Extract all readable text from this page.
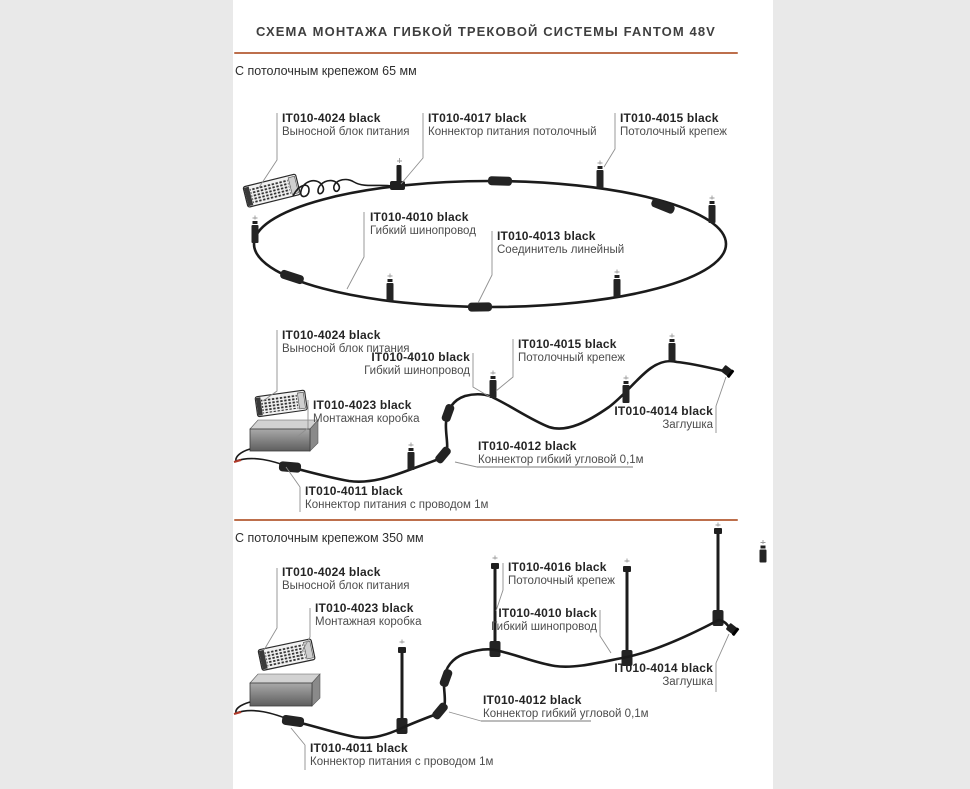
СХЕМА МОНТАЖА ГИБКОЙ ТРЕКОВОЙ СИСТЕМЫ FANTOM 48V
С потолочным крепежом 65 мм
С потолочным крепежом 350 мм
IT010-4024 black
Выносной блок питания
IT010-4017 black
Коннектор питания потолочный
IT010-4015 black
Потолочный крепеж
IT010-4010 black
Гибкий шинопровод IT010-4013 black
Соединитель линейный
IT010-4024 black
Выносной блок питания
IT010-4010 black
Гибкий шинопровод
IT010-4015 black
Потолочный крепеж
IT010-4023 black
Монтажная коробка
IT010-4014 black
Заглушка
IT010-4012 black
Коннектор гибкий угловой 0,1м
IT010-4011 black
Коннектор питания с проводом 1м
IT010-4024 black
Выносной блок питания
IT010-4016 black
Потолочный крепеж
IT010-4023 black
Монтажная коробка
IT010-4010 black
Гибкий шинопровод
IT010-4014 black
Заглушка
IT010-4012 black
Коннектор гибкий угловой 0,1м
IT010-4011 black
Коннектор питания с проводом 1м
